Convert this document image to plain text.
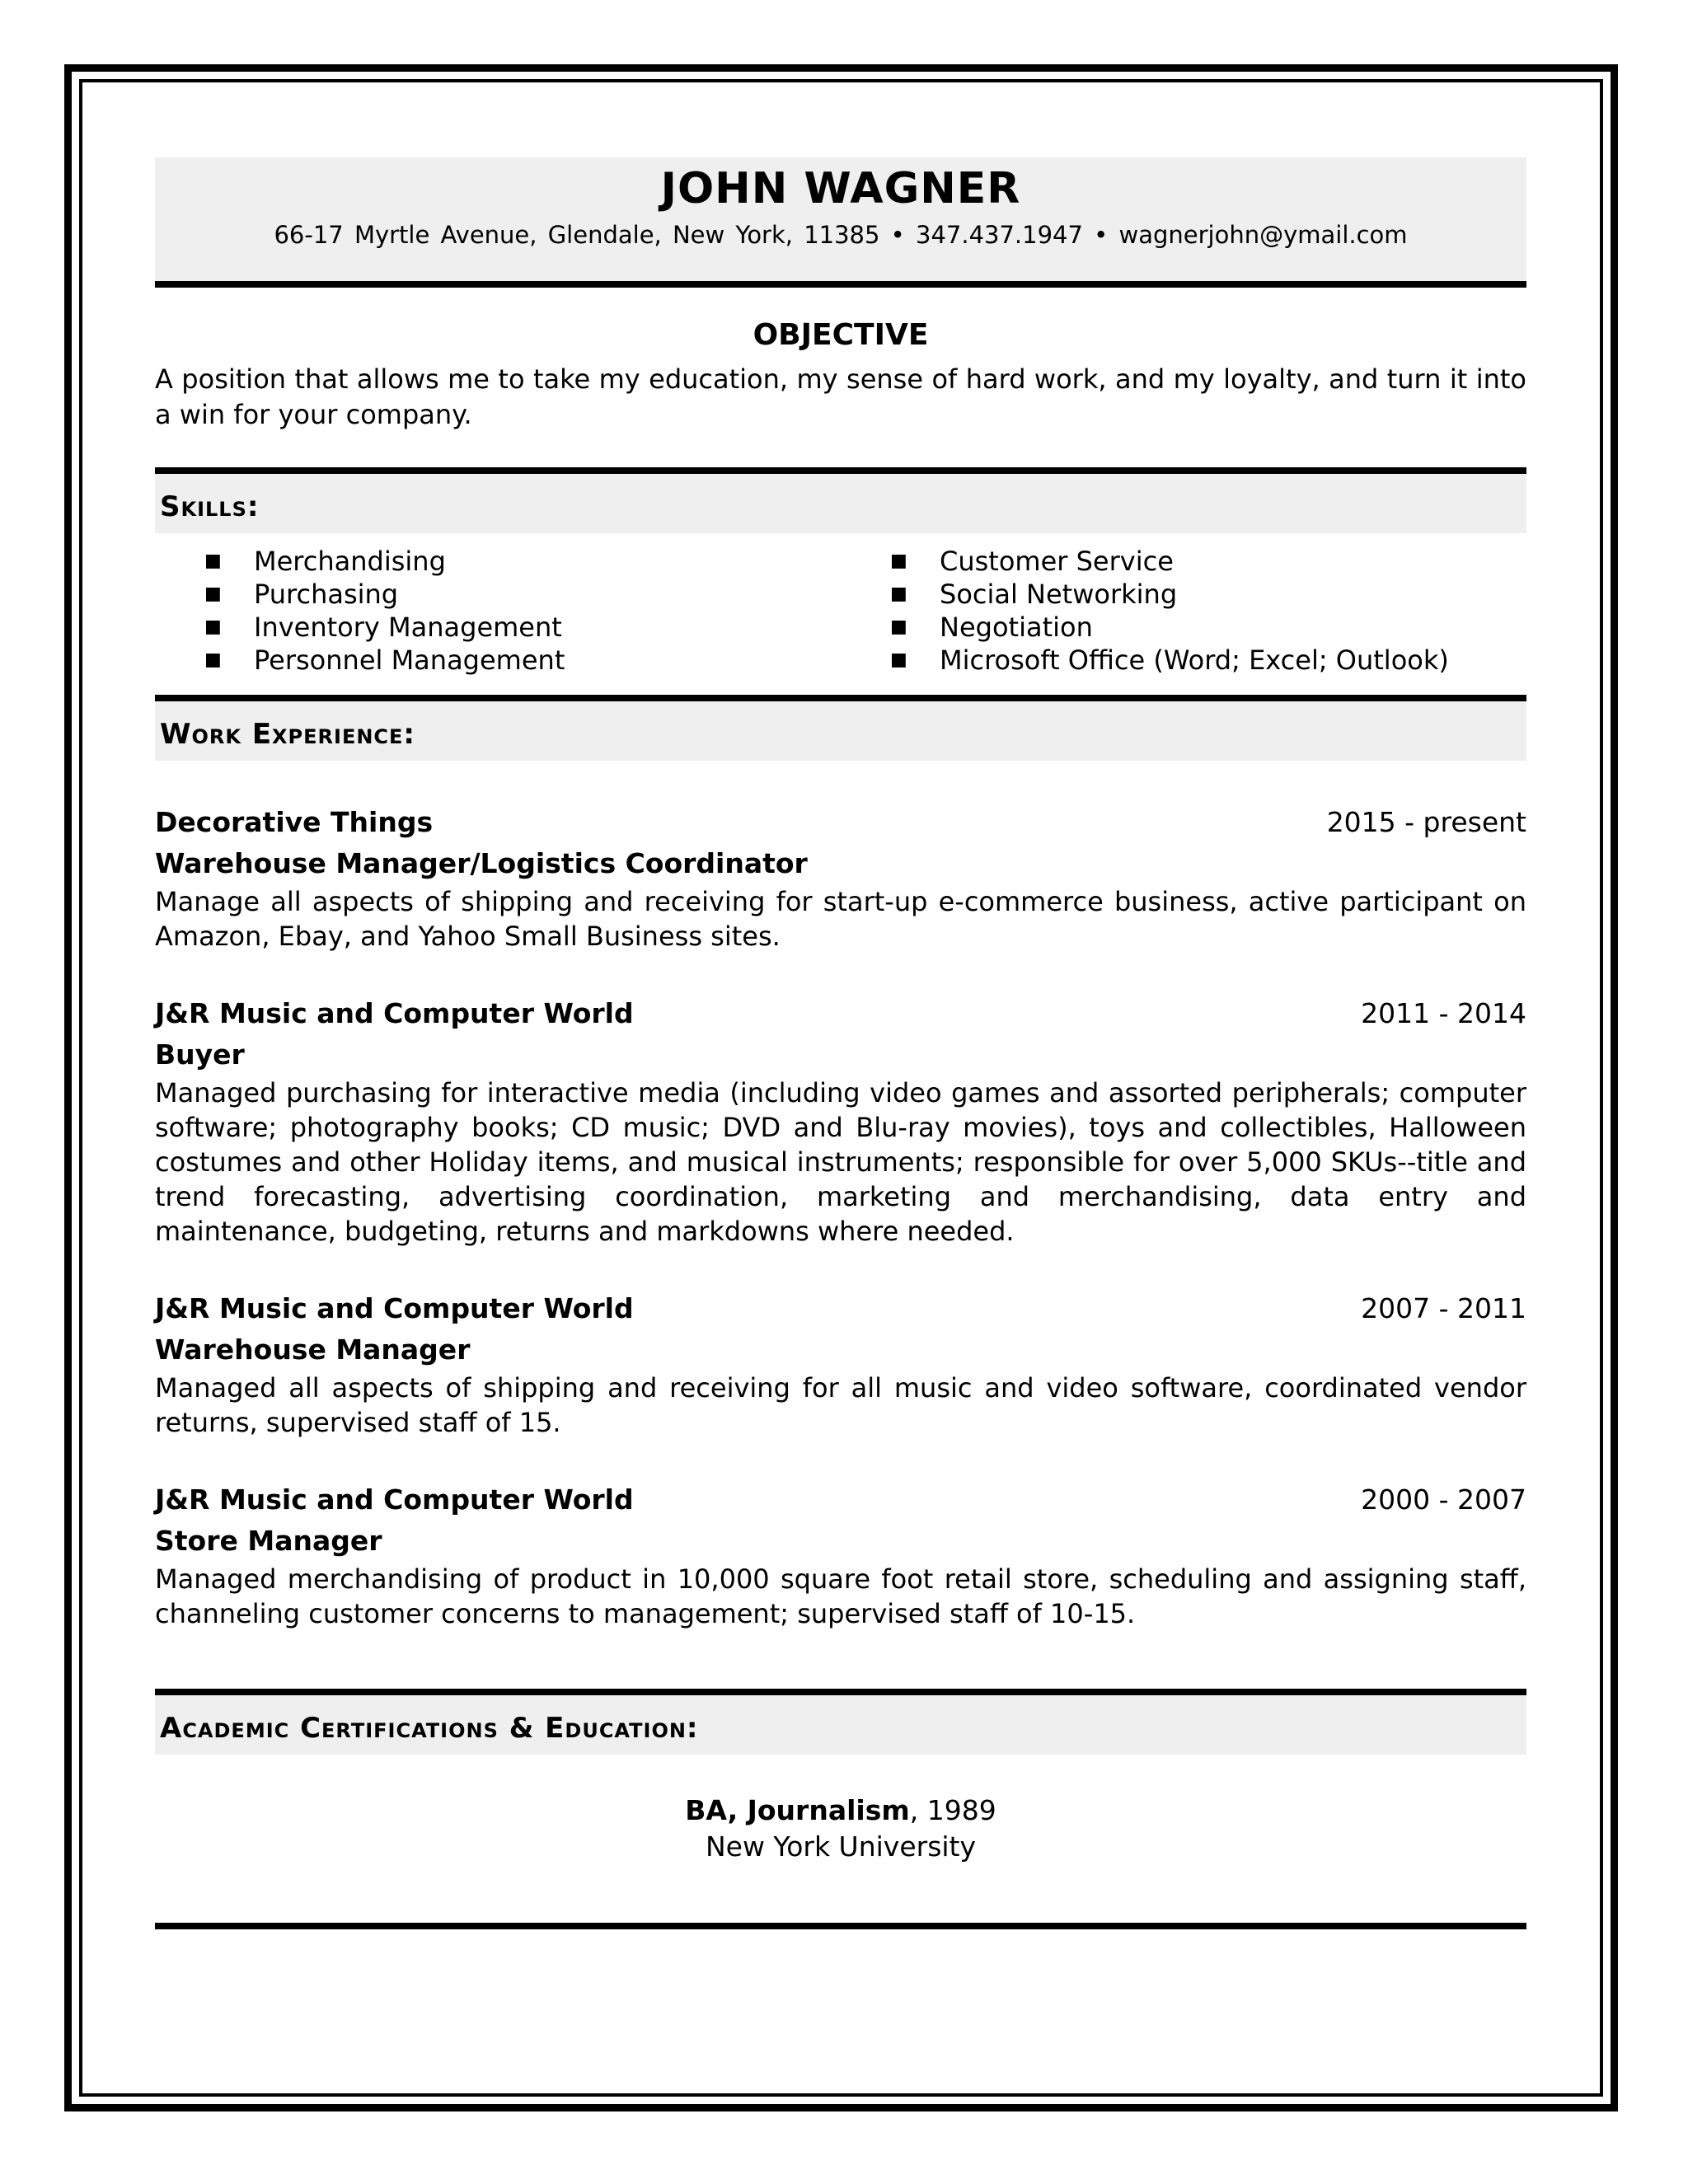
JOHN WAGNER
66-17 Myrtle Avenue, Glendale, New York, 11385 • 347.437.1947 • wagnerjohn@ymail.com
OBJECTIVE
A position that allows me to take my education, my sense of hard work, and my loyalty, and turn it into a win for your company.
Skills:
■ Merchandising
■ Purchasing
■ Inventory Management
■ Personnel Management
■ Customer Service
■ Social Networking
■ Negotiation
■ Microsoft Office (Word; Excel; Outlook)
Work Experience:
Decorative Things	2015 - present
Warehouse Manager/Logistics Coordinator
Manage all aspects of shipping and receiving for start-up e-commerce business, active participant on Amazon, Ebay, and Yahoo Small Business sites.
J&R Music and Computer World	2011 - 2014
Buyer
Managed purchasing for interactive media (including video games and assorted peripherals; computer software; photography books; CD music; DVD and Blu-ray movies), toys and collectibles, Halloween costumes and other Holiday items, and musical instruments; responsible for over 5,000 SKUs--title and trend forecasting, advertising coordination, marketing and merchandising, data entry and maintenance, budgeting, returns and markdowns where needed.
J&R Music and Computer World	2007 - 2011
Warehouse Manager
Managed all aspects of shipping and receiving for all music and video software, coordinated vendor returns, supervised staff of 15.
J&R Music and Computer World	2000 - 2007
Store Manager
Managed merchandising of product in 10,000 square foot retail store, scheduling and assigning staff, channeling customer concerns to management; supervised staff of 10-15.
Academic Certifications & Education:
BA, Journalism, 1989
New York University
